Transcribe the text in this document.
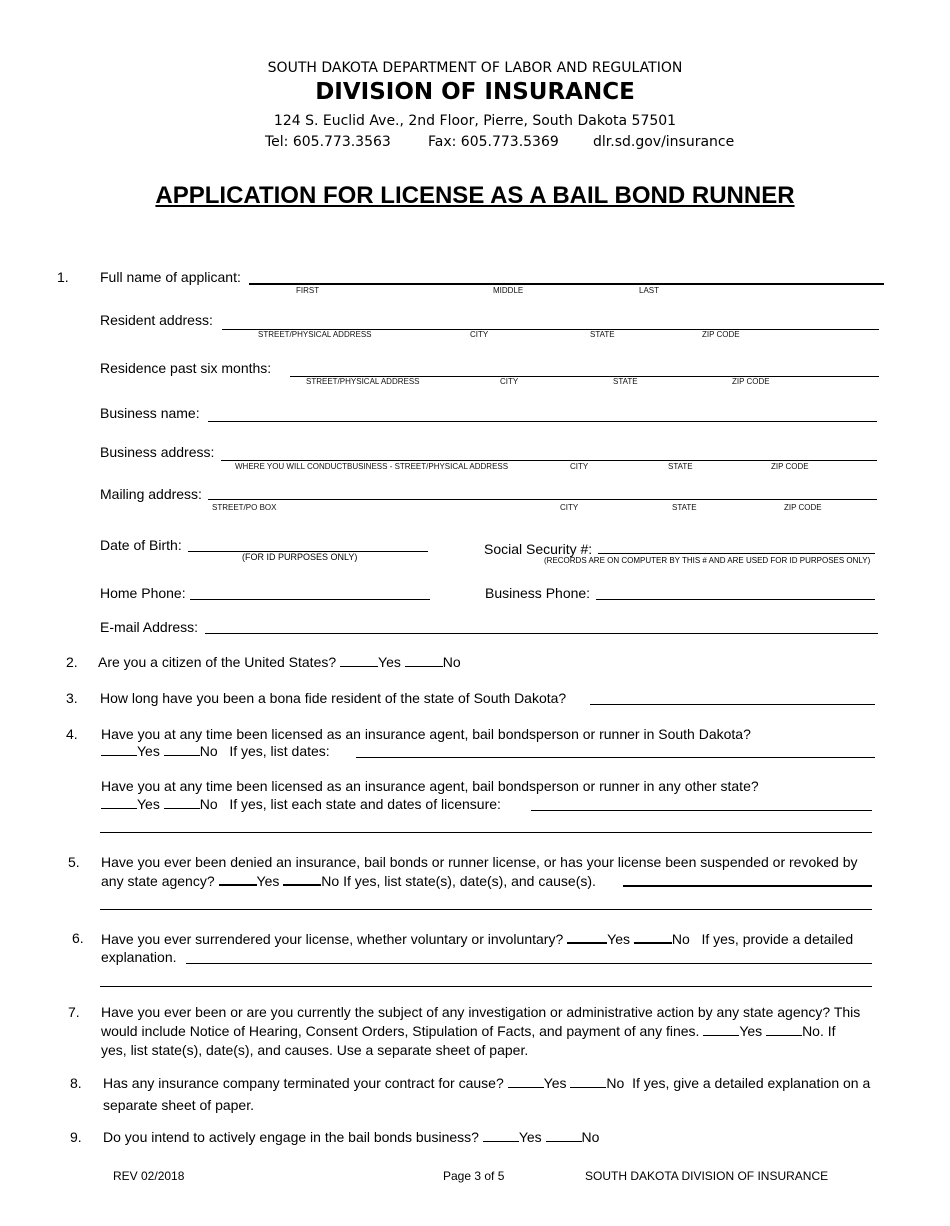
SOUTH DAKOTA DEPARTMENT OF LABOR AND REGULATION
DIVISION OF INSURANCE
124 S. Euclid Ave., 2nd Floor, Pierre, South Dakota 57501
Tel: 605.773.3563	Fax: 605.773.5369 dlr.sd.gov/insurance
APPLICATION FOR LICENSE AS A BAIL BOND RUNNER
1. Full name of applicant:
FIRST	MIDDLE	LAST
Resident address:
STREET/PHYSICAL ADDRESS	CITY	STATE	ZIP CODE
Residence past six months:
STREET/PHYSICAL ADDRESS	CITY	STATE	ZIP CODE
Business name:
Business address:
WHERE YOU WILL CONDUCTBUSINESS - STREET/PHYSICAL ADDRESS	CITY	STATE	ZIP CODE
Mailing address:
STREET/PO BOX	CITY	STATE	ZIP CODE
Date of Birth:
(FOR ID PURPOSES ONLY)	Social Security #:
(RECORDS ARE ON COMPUTER BY THIS # AND ARE USED FOR ID PURPOSES ONLY)
Home Phone:	Business Phone:
E-mail Address:
2. Are you a citizen of the United States?	Yes	No
3. How long have you been a bona fide resident of the state of South Dakota?
4. Have you at any time been licensed as an insurance agent, bail bondsperson or runner in South Dakota?
Yes	No If yes, list dates:
Have you at any time been licensed as an insurance agent, bail bondsperson or runner in any other state?
Yes	No If yes, list each state and dates of licensure:
5. Have you ever been denied an insurance, bail bonds or runner license, or has your license been suspended or revoked by
any state agency?	Yes	No If yes, list state(s), date(s), and cause(s).
6. Have you ever surrendered your license, whether voluntary or involuntary?	Yes	No If yes, provide a detailed
explanation.
7. Have you ever been or are you currently the subject of any investigation or administrative action by any state agency? This
would include Notice of Hearing, Consent Orders, Stipulation of Facts, and payment of any fines.	Yes	No. If
yes, list state(s), date(s), and causes. Use a separate sheet of paper.
8. Has any insurance company terminated your contract for cause?	Yes	No If yes, give a detailed explanation on a
separate sheet of paper.
9. Do you intend to actively engage in the bail bonds business?	Yes	No
REV 02/2018	Page 3 of 5	SOUTH DAKOTA DIVISION OF INSURANCE
